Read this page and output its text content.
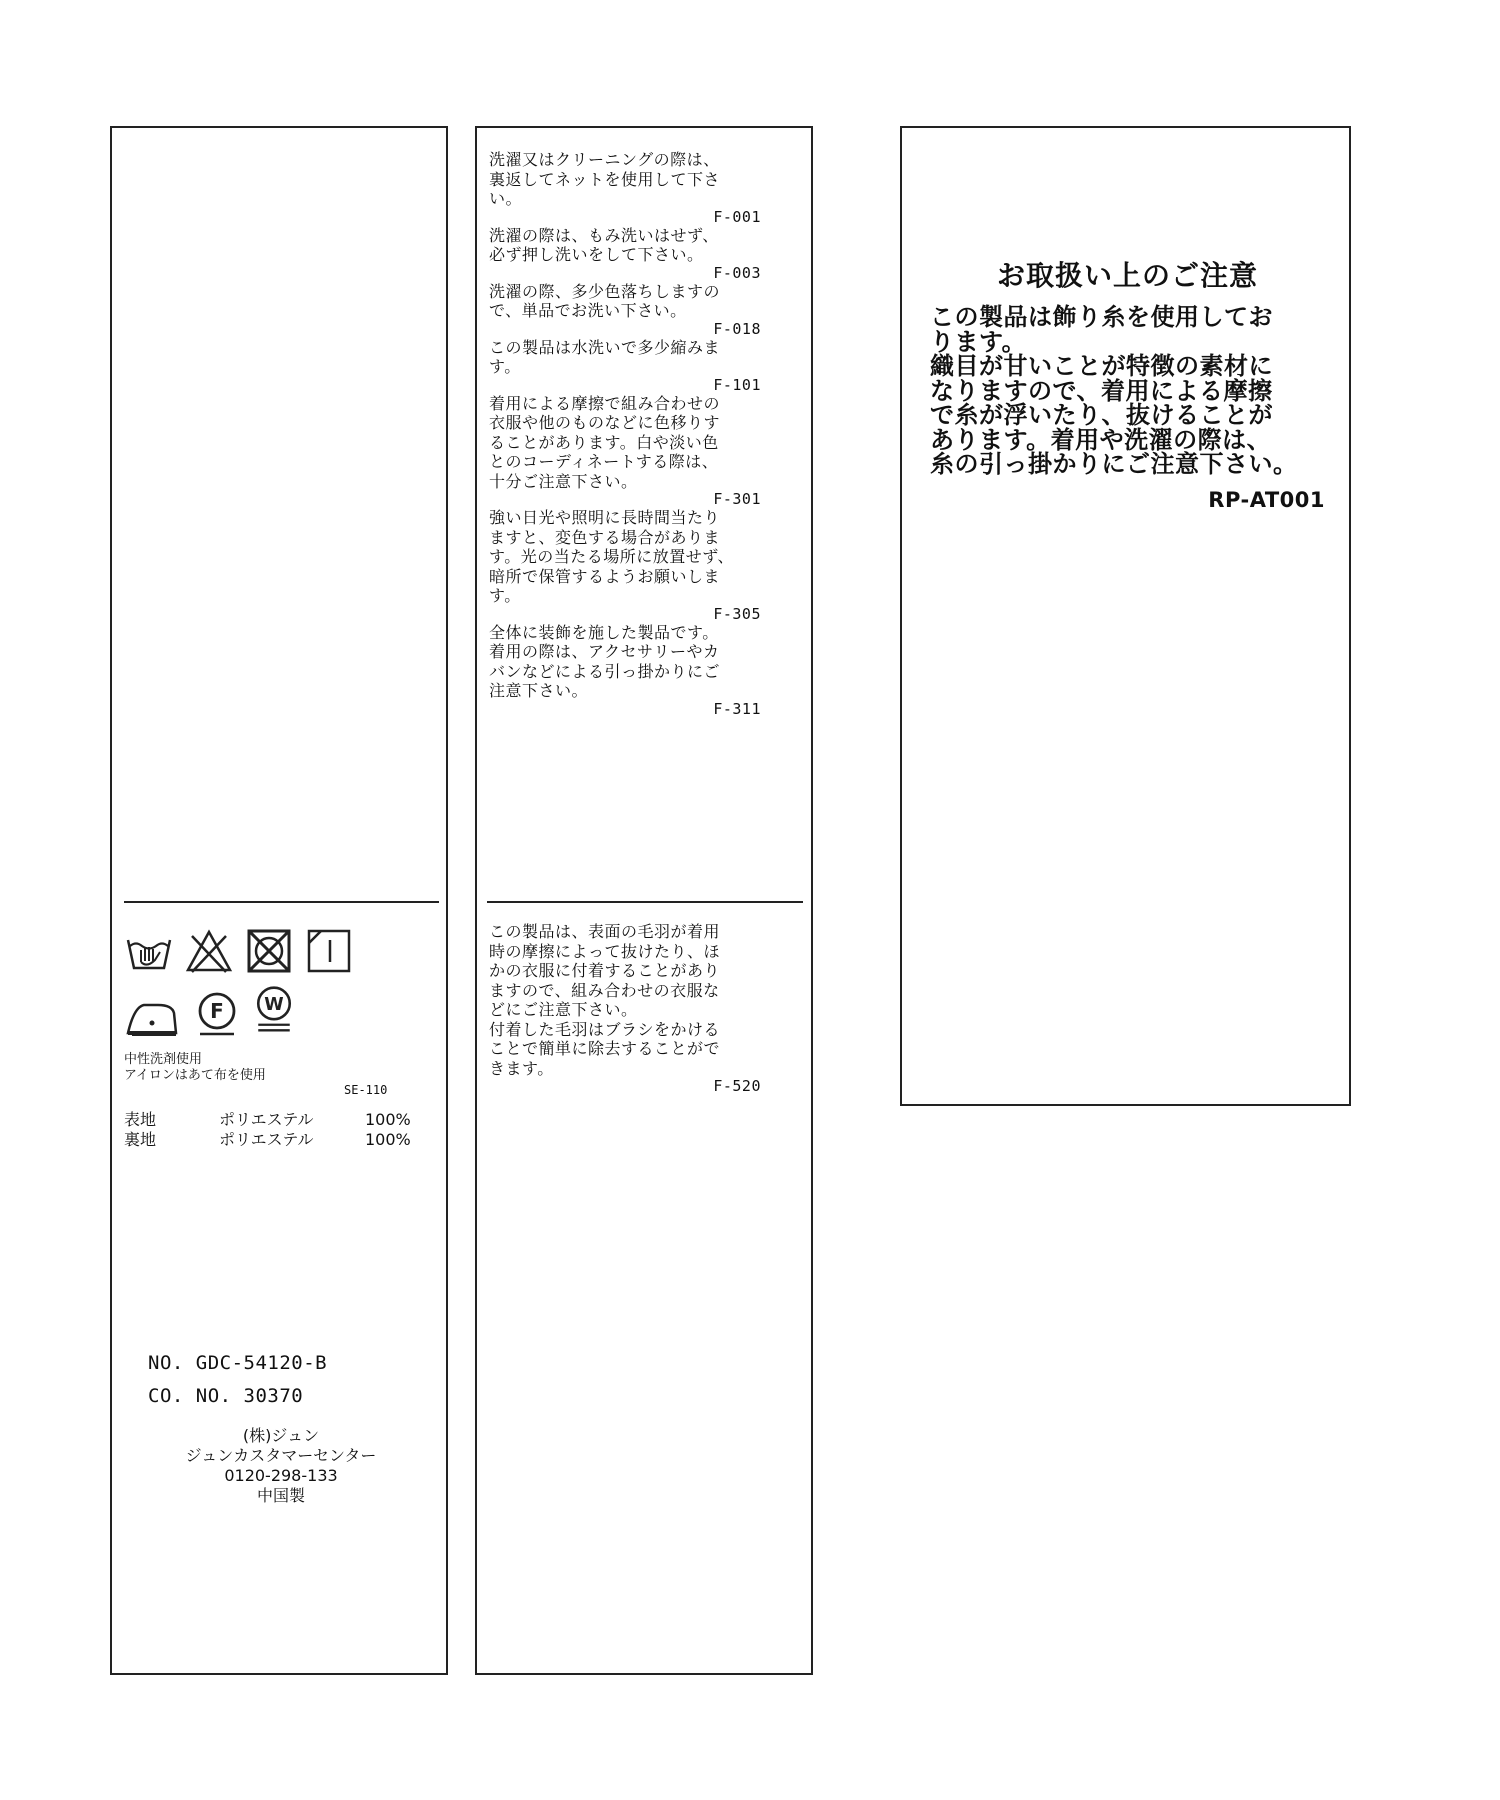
F W
中性洗剤使用
アイロンはあて布を使用
SE-110
表地	ポリエステル	100%
裏地	ポリエステル	100%
NO. GDC-54120-B
CO. NO. 30370
(株)ジュン
ジュンカスタマーセンター
0120-298-133
中国製
洗濯又はクリーニングの際は、
裏返してネットを使用して下さ
い。
F-001
洗濯の際は、もみ洗いはせず、
必ず押し洗いをして下さい。
F-003
洗濯の際、多少色落ちしますの
で、単品でお洗い下さい。
F-018
この製品は水洗いで多少縮みま
す。
F-101
着用による摩擦で組み合わせの
衣服や他のものなどに色移りす
ることがあります。白や淡い色
とのコーディネートする際は、
十分ご注意下さい。
F-301
強い日光や照明に長時間当たり
ますと、変色する場合がありま
す。光の当たる場所に放置せず、
暗所で保管するようお願いしま
す。
F-305
全体に装飾を施した製品です。
着用の際は、アクセサリーやカ
バンなどによる引っ掛かりにご
注意下さい。
F-311
この製品は、表面の毛羽が着用
時の摩擦によって抜けたり、ほ
かの衣服に付着することがあり
ますので、組み合わせの衣服な
どにご注意下さい。
付着した毛羽はブラシをかける
ことで簡単に除去することがで
きます。
F-520
お取扱い上のご注意
この製品は飾り糸を使用してお
ります。
織目が甘いことが特徴の素材に
なりますので、着用による摩擦
で糸が浮いたり、抜けることが
あります。着用や洗濯の際は、
糸の引っ掛かりにご注意下さい。
RP-AT001
